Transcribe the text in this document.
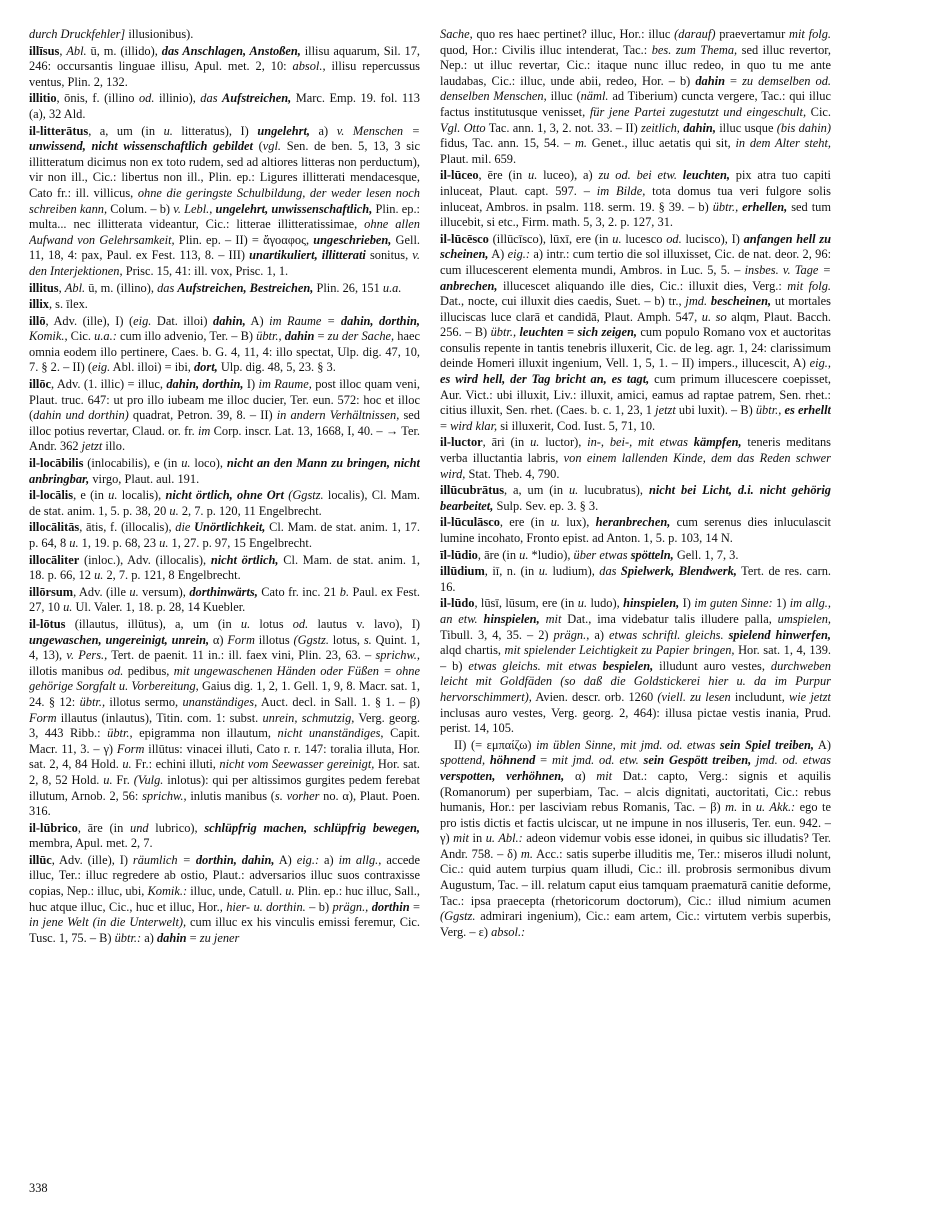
durch Druckfehler] illusionibus).

illīsus, Abl. ū, m. (illido), das Anschlagen, Anstoßen, illisu aquarum, Sil. 17, 246: occursantis linguae illisu, Apul. met. 2, 10: absol., illisu repercussus ventus, Plin. 2, 132.

illitio, ōnis, f. (illino od. illinio), das Aufstreichen, Marc. Emp. 19. fol. 113 (a), 32 Ald.

il-litterātus, a, um (in u. litteratus), I) ungelehrt, a) v. Menschen = unwissend, nicht wissenschaftlich gebildet (vgl. Sen. de ben. 5, 13, 3 sic illitteratum dicimus non ex toto rudem, sed ad altiores litteras non perductum), vir non ill., Cic.: libertus non ill., Plin. ep.: Ligures illitterati mendacesque, Cato fr.: ill. villicus, ohne die geringste Schulbildung, der weder lesen noch schreiben kann, Colum. – b) v. Lebl., ungelehrt, unwissenschaftlich, Plin. ep.: multa... nec illitterata videantur, Cic.: litterae illitteratissimae, ohne allen Aufwand von Gelehrsamkeit, Plin. ep. – II) = ἄγοαφος, ungeschrieben, Gell. 11, 18, 4: pax, Paul. ex Fest. 113, 8. – III) unartikuliert, illitterati sonitus, v. den Interjektionen, Prisc. 15, 41: ill. vox, Prisc. 1, 1.

illitus, Abl. ū, m. (illino), das Aufstreichen, Bestreichen, Plin. 26, 151 u.a.

illix, s. īlex.

illō, Adv. (ille), I) (eig. Dat. illoi) dahin, A) im Raume = dahin, dorthin, Komik., Cic. u.a.: cum illo advenio, Ter. – B) übtr., dahin = zu der Sache, haec omnia eodem illo pertinere, Caes. b. G. 4, 11, 4: illo spectat, Ulp. dig. 47, 10, 7. § 2. – II) (eig. Abl. illoi) = ibi, dort, Ulp. dig. 48, 5, 23. § 3.

illōc, Adv. (1. illic) = illuc, dahin, dorthin, I) im Raume, post illoc quam veni, Plaut. truc. 647: ut pro illo iubeam me illoc ducier, Ter. eun. 572: hoc et illoc (dahin und dorthin) quadrat, Petron. 39, 8. – II) in andern Verhältnissen, sed illoc potius revertar, Claud. or. fr. im Corp. inscr. Lat. 13, 1668, I, 40. – → Ter. Andr. 362 jetzt illo.

il-locābilis (inlocabilis), e (in u. loco), nicht an den Mann zu bringen, nicht anbringbar, virgo, Plaut. aul. 191.

il-locālis, e (in u. localis), nicht örtlich, ohne Ort (Ggstz. localis), Cl. Mam. de stat. anim. 1, 5. p. 38, 20 u. 2, 7. p. 120, 11 Engelbrecht.

illocālitās, ātis, f. (illocalis), die Unörtlichkeit, Cl. Mam. de stat. anim. 1, 17. p. 64, 8 u. 1, 19. p. 68, 23 u. 1, 27. p. 97, 15 Engelbrecht.

illocāliter (inloc.), Adv. (illocalis), nicht örtlich, Cl. Mam. de stat. anim. 1, 18. p. 66, 12 u. 2, 7. p. 121, 8 Engelbrecht.

illōrsum, Adv. (ille u. versum), dorthinwärts, Cato fr. inc. 21 b. Paul. ex Fest. 27, 10 u. Ul. Valer. 1, 18. p. 28, 14 Kuebler.

il-lōtus (illautus, illūtus), a, um (in u. lotus od. lautus v. lavo), I) ungewaschen, ungereinigt, unrein, α) Form illotus (Ggstz. lotus, s. Quint. 1, 4, 13), v. Pers., Tert. de paenit. 11 in.: ill. faex vini, Plin. 23, 63. – sprichw., illotis manibus od. pedibus, mit ungewaschenen Händen oder Füßen = ohne gehörige Sorgfalt u. Vorbereitung, Gaius dig. 1, 2, 1. Gell. 1, 9, 8. Macr. sat. 1, 24. § 12: übtr., illotus sermo, unanständiges, Auct. decl. in Sall. 1. § 1. – β) Form illautus (inlautus), Titin. com. 1: subst. unrein, schmutzig, Verg. georg. 3, 443 Ribb.: übtr., epigramma non illautum, nicht unanständiges, Capit. Macr. 11, 3. – γ) Form illūtus: vinacei illuti, Cato r. r. 147: toralia illuta, Hor. sat. 2, 4, 84 Hold. u. Fr.: echini illuti, nicht vom Seewasser gereinigt, Hor. sat. 2, 8, 52 Hold. u. Fr. (Vulg. inlotus): qui per altissimos gurgites pedem ferebat illutum, Arnob. 2, 56: sprichw., inlutis manibus (s. vorher no. α), Plaut. Poen. 316.

il-lūbrico, āre (in und lubrico), schlüpfrig machen, schlüpfrig bewegen, membra, Apul. met. 2, 7.

illūc, Adv. (ille), I) räumlich = dorthin, dahin, A) eig.: a) im allg., accede illuc, Ter.: illuc regredere ab ostio, Plaut.: adversarios illuc suos contraxisse copias, Nep.: illuc, ubi, Komik.: illuc, unde, Catull. u. Plin. ep.: huc illuc, Sall., huc atque illuc, Cic., huc et illuc, Hor., hier- u. dorthin. – b) prägn., dorthin = in jene Welt (in die Unterwelt), cum illuc ex his vinculis emissi feremur, Cic. Tusc. 1, 75. – B) übtr.: a) dahin = zu jener

Sache, quo res haec pertinet? illuc, Hor.: illuc (darauf) praevertamur mit folg. quod, Hor.: Civilis illuc intenderat, Tac.: bes. zum Thema, sed illuc revertor, Nep.: ut illuc revertar, Cic.: itaque nunc illuc redeo, in quo tu me ante laudabas, Cic.: illuc, unde abii, redeo, Hor. – b) dahin = zu demselben od. denselben Menschen, illuc (näml. ad Tiberium) cuncta vergere, Tac.: qui illuc factus institutusque venisset, für jene Partei zugestutzt und eingeschult, Cic. Vgl. Otto Tac. ann. 1, 3, 2. not. 33. – II) zeitlich, dahin, illuc usque (bis dahin) fidus, Tac. ann. 15, 54. – m. Genet., illuc aetatis qui sit, in dem Alter steht, Plaut. mil. 659.

il-lūceo, ēre (in u. luceo), a) zu od. bei etw. leuchten, pix atra tuo capiti inluceat, Plaut. capt. 597. – im Bilde, tota domus tua veri fulgore solis inluceat, Ambros. in psalm. 118. serm. 19. § 39. – b) übtr., erhellen, sed tum illucebit, si etc., Firm. math. 5, 3, 2. p. 127, 31.

il-lūcēsco (illūcīsco), lūxī, ere (in u. lucesco od. lucisco), I) anfangen hell zu scheinen, A) eig.: a) intr.: cum tertio die sol illuxisset, Cic. de nat. deor. 2, 96: cum illucescerent elementa mundi, Ambros. in Luc. 5, 5. – insbes. v. Tage = anbrechen, illucescet aliquando ille dies, Cic.: illuxit dies, Verg.: mit folg. Dat., nocte, cui illuxit dies caedis, Suet. – b) tr., jmd. bescheinen, ut mortales illuciscas luce clarā et candidā, Plaut. Amph. 547, u. so alqm, Plaut. Bacch. 256. – B) übtr., leuchten = sich zeigen, cum populo Romano vox et auctoritas consulis repente in tantis tenebris illuxerit, Cic. de leg. agr. 1, 24: clarissimum deinde Homeri illuxit ingenium, Vell. 1, 5, 1. – II) impers., illucescit, A) eig., es wird hell, der Tag bricht an, es tagt, cum primum illucescere coepisset, Aur. Vict.: ubi illuxit, Liv.: illuxit, amici, eamus ad raptae patrem, Sen. rhet.: citius illuxit, Sen. rhet. (Caes. b. c. 1, 23, 1 jetzt ubi luxit). – B) übtr., es erhellt = wird klar, si illuxerit, Cod. Iust. 5, 71, 10.

il-luctor, āri (in u. luctor), in-, bei-, mit etwas kämpfen, teneris meditans verba illuctantia labris, von einem lallenden Kinde, dem das Reden schwer wird, Stat. Theb. 4, 790.

illūcubrātus, a, um (in u. lucubratus), nicht bei Licht, d.i. nicht gehörig bearbeitet, Sulp. Sev. ep. 3. § 3.

il-lūculāsco, ere (in u. lux), heranbrechen, cum serenus dies inluculascit lumine incohato, Fronto epist. ad Anton. 1, 5. p. 103, 14 N.

īl-lūdio, āre (in u. *ludio), über etwas spötteln, Gell. 1, 7, 3.

illūdium, iī, n. (in u. ludium), das Spielwerk, Blendwerk, Tert. de res. carn. 16.

il-lūdo, lūsī, lūsum, ere (in u. ludo), hinspielen, I) im guten Sinne: 1) im allg., an etw. hinspielen, mit Dat., ima videbatur talis illudere palla, umspielen, Tibull. 3, 4, 35. – 2) prägn., a) etwas schriftl. gleichs. spielend hinwerfen, alqd chartis, mit spielender Leichtigkeit zu Papier bringen, Hor. sat. 1, 4, 139. – b) etwas gleichs. mit etwas bespielen, illudunt auro vestes, durchweben leicht mit Goldfäden (so daß die Goldstickerei hier u. da im Purpur hervorschimmert), Avien. descr. orb. 1260 (viell. zu lesen includunt, wie jetzt inclusas auro vestes, Verg. georg. 2, 464): illusa pictae vestis inania, Prud. perist. 14, 105.

II) (= εμπαίζω) im üblen Sinne, mit jmd. od. etwas sein Spiel treiben, A) spottend, höhnend = mit jmd. od. etw. sein Gespött treiben, jmd. od. etwas verspotten, verhöhnen, α) mit Dat.: capto, Verg.: signis et aquilis (Romanorum) per superbiam, Tac. – alcis dignitati, auctoritati, Cic.: rebus humanis, Hor.: per lasciviam rebus Romanis, Tac. – β) m. in u. Akk.: ego te pro istis dictis et factis ulciscar, ut ne impune in nos illuseris, Ter. eun. 942. – γ) mit in u. Abl.: adeon videmur vobis esse idonei, in quibus sic illudatis? Ter. Andr. 758. – δ) m. Acc.: satis superbe illuditis me, Ter.: miseros illudi nolunt, Cic.: quid autem turpius quam illudi, Cic.: ill. probrosis sermonibus divum Augustum, Tac. – ill. relatum caput eius tamquam praematurā canitie deforme, Tac.: ipsa praecepta (rhetoricorum doctorum), Cic.: illud nimium acumen (Ggstz. admirari ingenium), Cic.: eam artem, Cic.: virtutem verbis superbis, Verg. – ε) absol.:

338
